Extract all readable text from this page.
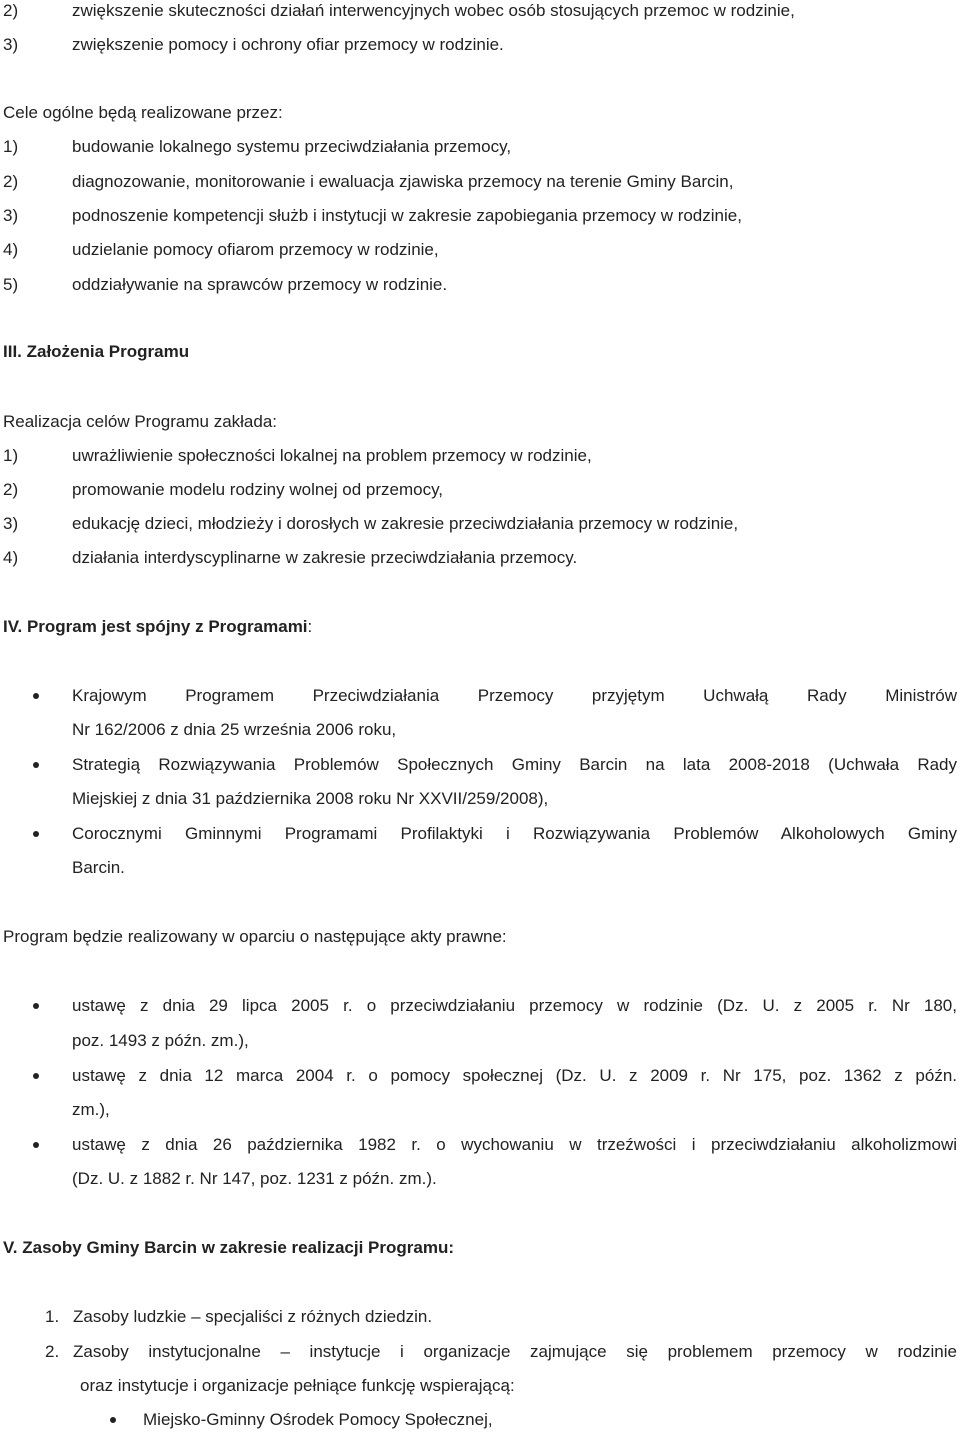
2)	zwiększenie skuteczności działań interwencyjnych wobec osób stosujących przemoc w rodzinie,
3)	zwiększenie pomocy i ochrony ofiar przemocy w rodzinie.
Cele ogólne będą realizowane przez:
1)	budowanie lokalnego systemu przeciwdziałania przemocy,
2)	diagnozowanie, monitorowanie i ewaluacja zjawiska przemocy na terenie Gminy Barcin,
3)	podnoszenie kompetencji służb i instytucji w zakresie zapobiegania przemocy w rodzinie,
4)	udzielanie pomocy ofiarom przemocy w rodzinie,
5)	oddziaływanie na sprawców przemocy w rodzinie.
III. Założenia Programu
Realizacja celów Programu zakłada:
1)	uwrażliwienie społeczności lokalnej na problem przemocy w rodzinie,
2)	promowanie modelu rodziny wolnej od przemocy,
3)	edukację dzieci, młodzieży i dorosłych w zakresie przeciwdziałania przemocy w rodzinie,
4)	działania interdyscyplinarne w zakresie przeciwdziałania przemocy.
IV. Program jest spójny z Programami:
Krajowym Programem Przeciwdziałania Przemocy przyjętym Uchwałą Rady Ministrów
Nr 162/2006 z dnia 25 września 2006 roku,
Strategią Rozwiązywania Problemów Społecznych Gminy Barcin na lata 2008-2018 (Uchwała Rady
Miejskiej z dnia 31 października 2008 roku Nr XXVII/259/2008),
Corocznymi Gminnymi Programami Profilaktyki i Rozwiązywania Problemów Alkoholowych Gminy
Barcin.
Program będzie realizowany w oparciu o następujące akty prawne:
ustawę z dnia 29 lipca 2005 r. o przeciwdziałaniu przemocy w rodzinie (Dz. U. z 2005 r. Nr 180,
poz. 1493 z późn. zm.),
ustawę z dnia 12 marca 2004 r. o pomocy społecznej (Dz. U. z 2009 r. Nr 175, poz. 1362 z późn.
zm.),
ustawę z dnia 26 października 1982 r. o wychowaniu w trzeźwości i przeciwdziałaniu alkoholizmowi
(Dz. U. z 1882 r. Nr 147, poz. 1231 z późn. zm.).
V. Zasoby Gminy Barcin w zakresie realizacji Programu:
1. Zasoby ludzkie – specjaliści z różnych dziedzin.
2. Zasoby instytucjonalne – instytucje i organizacje zajmujące się problemem przemocy w rodzinie
oraz instytucje i organizacje pełniące funkcję wspierającą:
Miejsko-Gminny Ośrodek Pomocy Społecznej,
